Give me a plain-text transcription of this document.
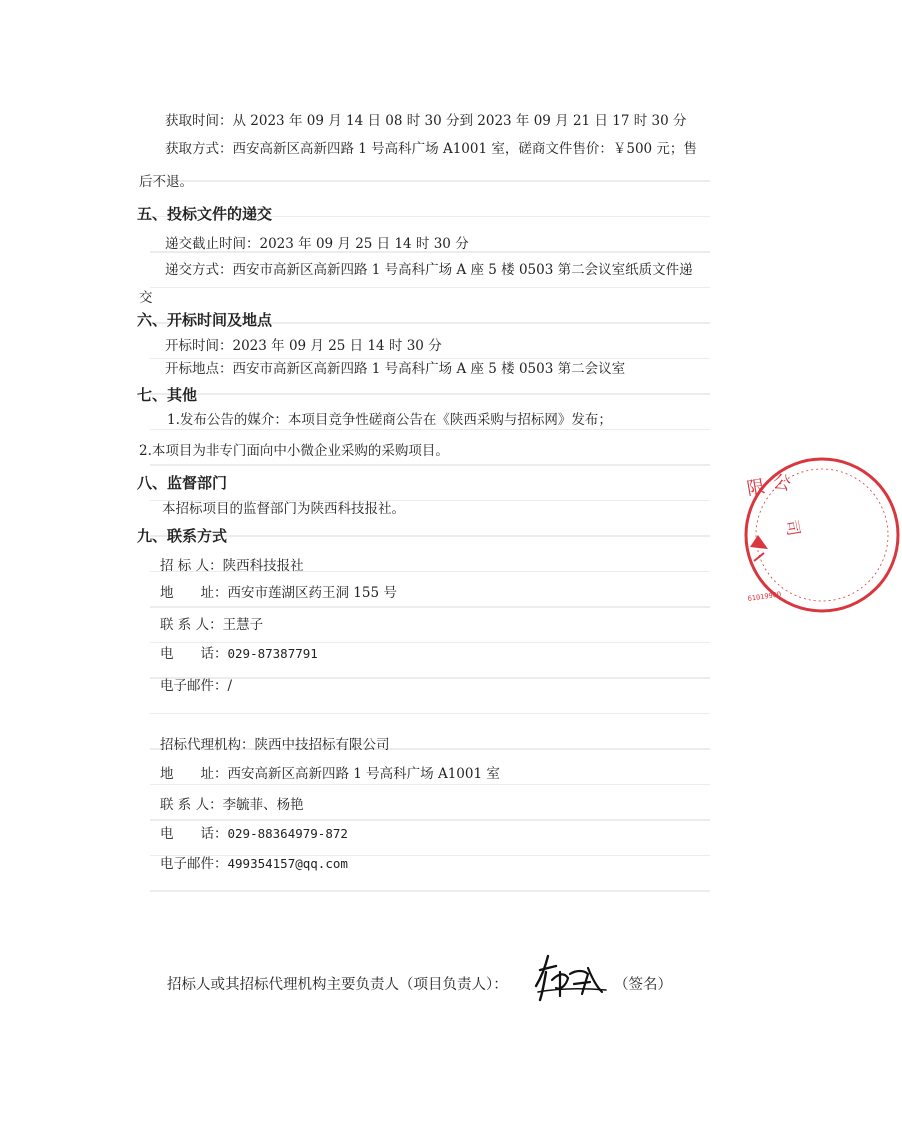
获取时间：从 2023 年 09 月 14 日 08 时 30 分到 2023 年 09 月 21 日 17 时 30 分
获取方式：西安高新区高新四路 1 号高科广场 A1001 室，磋商文件售价：￥500 元；售
后不退。
五、投标文件的递交
递交截止时间：2023 年 09 月 25 日 14 时 30 分
递交方式：西安市高新区高新四路 1 号高科广场 A 座 5 楼 0503 第二会议室纸质文件递
交
六、开标时间及地点
开标时间：2023 年 09 月 25 日 14 时 30 分
开标地点：西安市高新区高新四路 1 号高科广场 A 座 5 楼 0503 第二会议室
七、其他
1.发布公告的媒介：本项目竞争性磋商公告在《陕西采购与招标网》发布；
2.本项目为非专门面向中小微企业采购的采购项目。
八、监督部门
本招标项目的监督部门为陕西科技报社。
九、联系方式
招 标 人：陕西科技报社
地　　址：西安市莲湖区药王洞 155 号
联 系 人：王慧子
电　　话：029-87387791
电子邮件：/
招标代理机构：陕西中技招标有限公司
地　　址：西安高新区高新四路 1 号高科广场 A1001 室
联 系 人：李毓菲、杨艳
电　　话：029-88364979-872
电子邮件：499354157@qq.com
招标人或其招标代理机构主要负责人（项目负责人）：	（签名）
限 公
司
61019900
